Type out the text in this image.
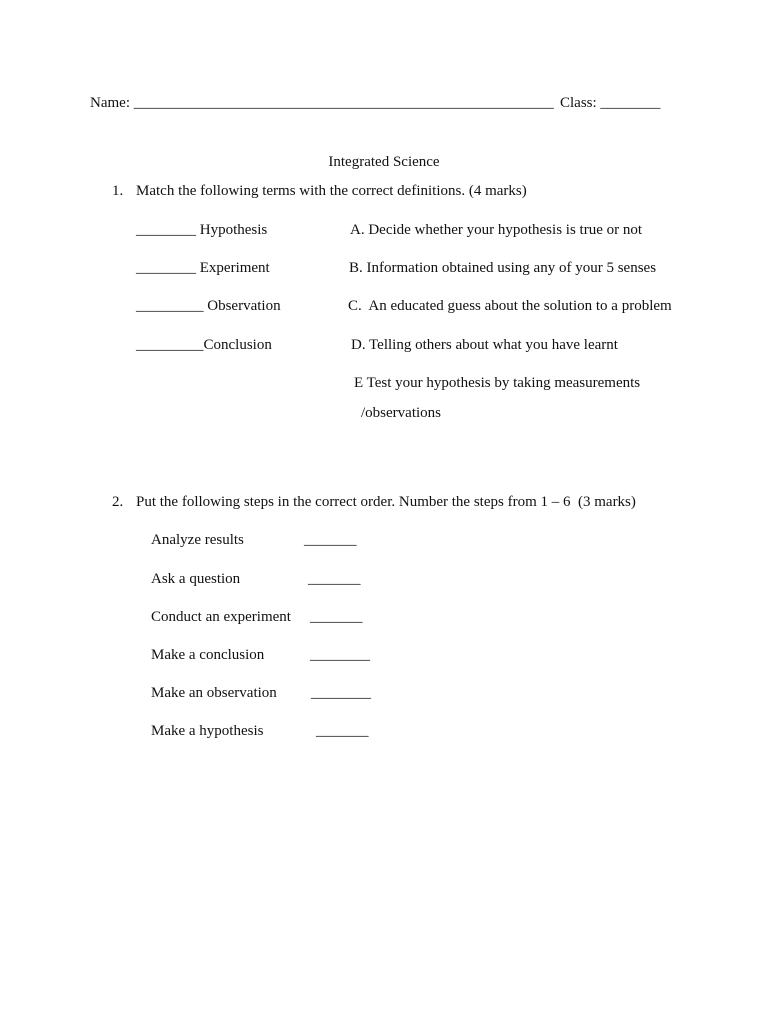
Name: ________________________________________________________ Class: ________
Integrated Science
1. Match the following terms with the correct definitions. (4 marks)
________ Hypothesis
________ Experiment
_________ Observation
_________Conclusion
A. Decide whether your hypothesis is true or not
B. Information obtained using any of your 5 senses
C.  An educated guess about the solution to a problem
D. Telling others about what you have learnt
E Test your hypothesis by taking measurements
/observations
2. Put the following steps in the correct order. Number the steps from 1 – 6  (3 marks)
Analyze results	_______
Ask a question	_______
Conduct an experiment _______
Make a conclusion	________
Make an observation ________
Make a hypothesis	_______
